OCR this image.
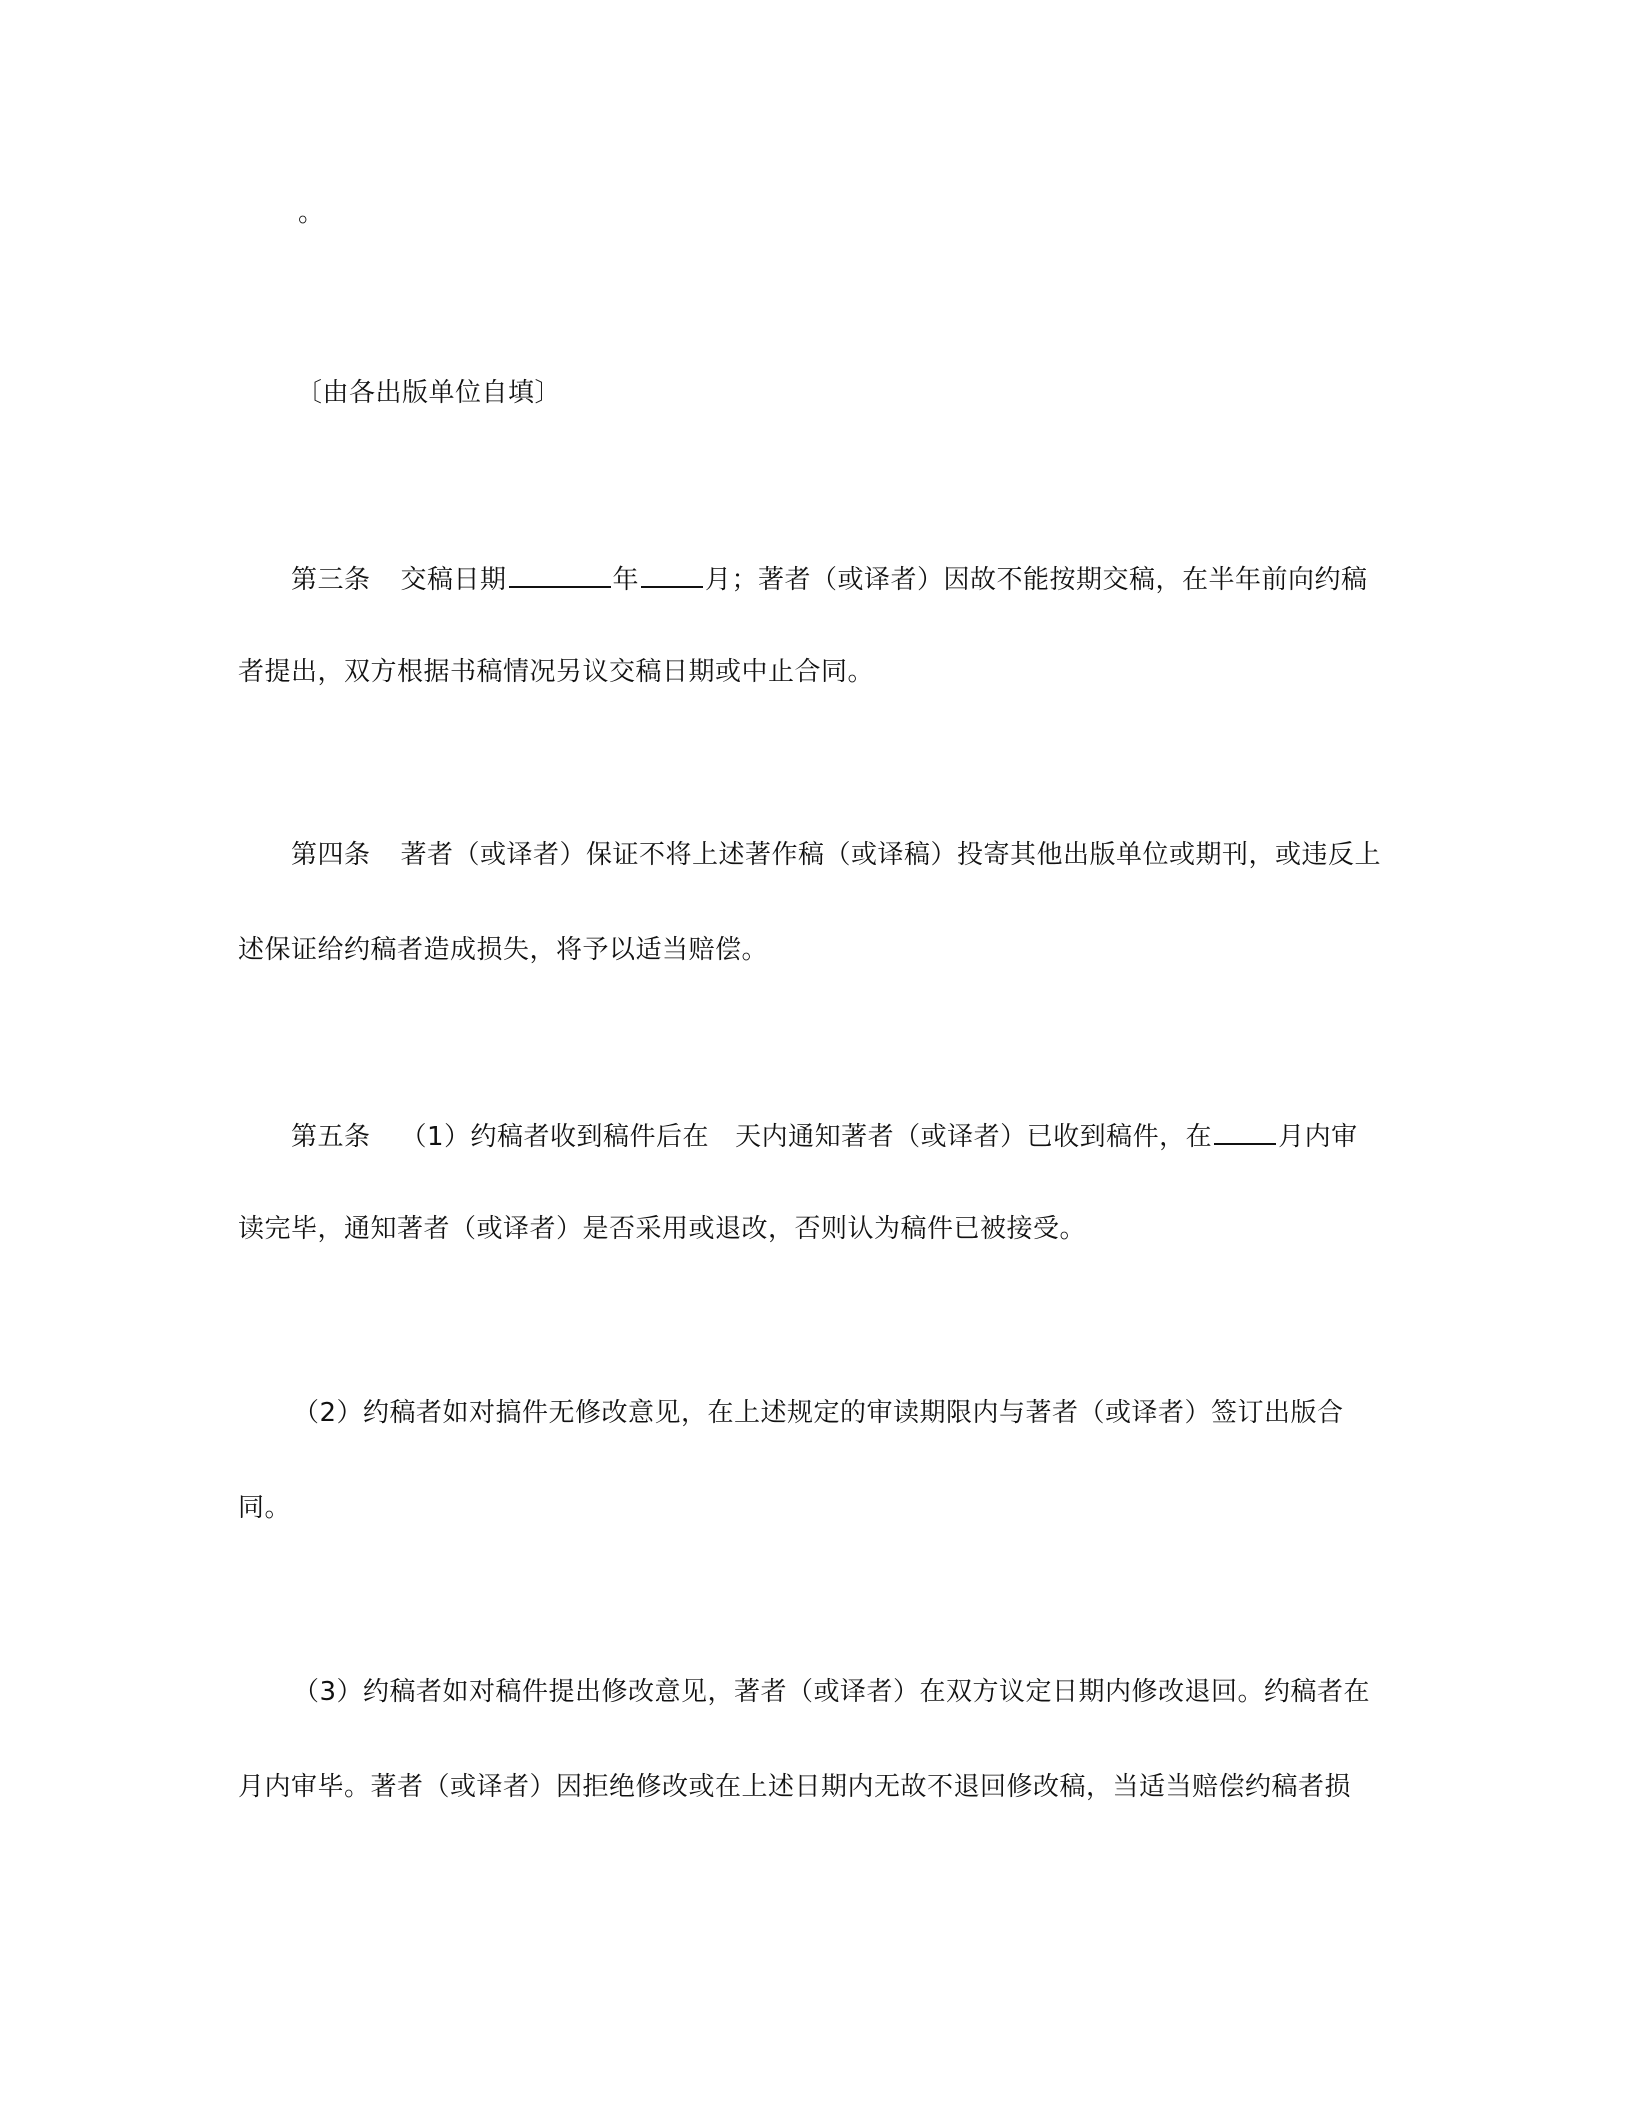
。
〔由各出版单位自填〕
第三条 交稿日期	年	月；著者（或译者）因故不能按期交稿，在半年前向约稿
者提出，双方根据书稿情况另议交稿日期或中止合同。
第四条 著者（或译者）保证不将上述著作稿（或译稿）投寄其他出版单位或期刊，或违反上
述保证给约稿者造成损失，将予以适当赔偿。
第五条 （1）约稿者收到稿件后在 天内通知著者（或译者）已收到稿件，在	月内审
读完毕，通知著者（或译者）是否采用或退改，否则认为稿件已被接受。
（2）约稿者如对搞件无修改意见，在上述规定的审读期限内与著者（或译者）签订出版合
同。
（3）约稿者如对稿件提出修改意见，著者（或译者）在双方议定日期内修改退回。约稿者在
月内审毕。著者（或译者）因拒绝修改或在上述日期内无故不退回修改稿，当适当赔偿约稿者损
